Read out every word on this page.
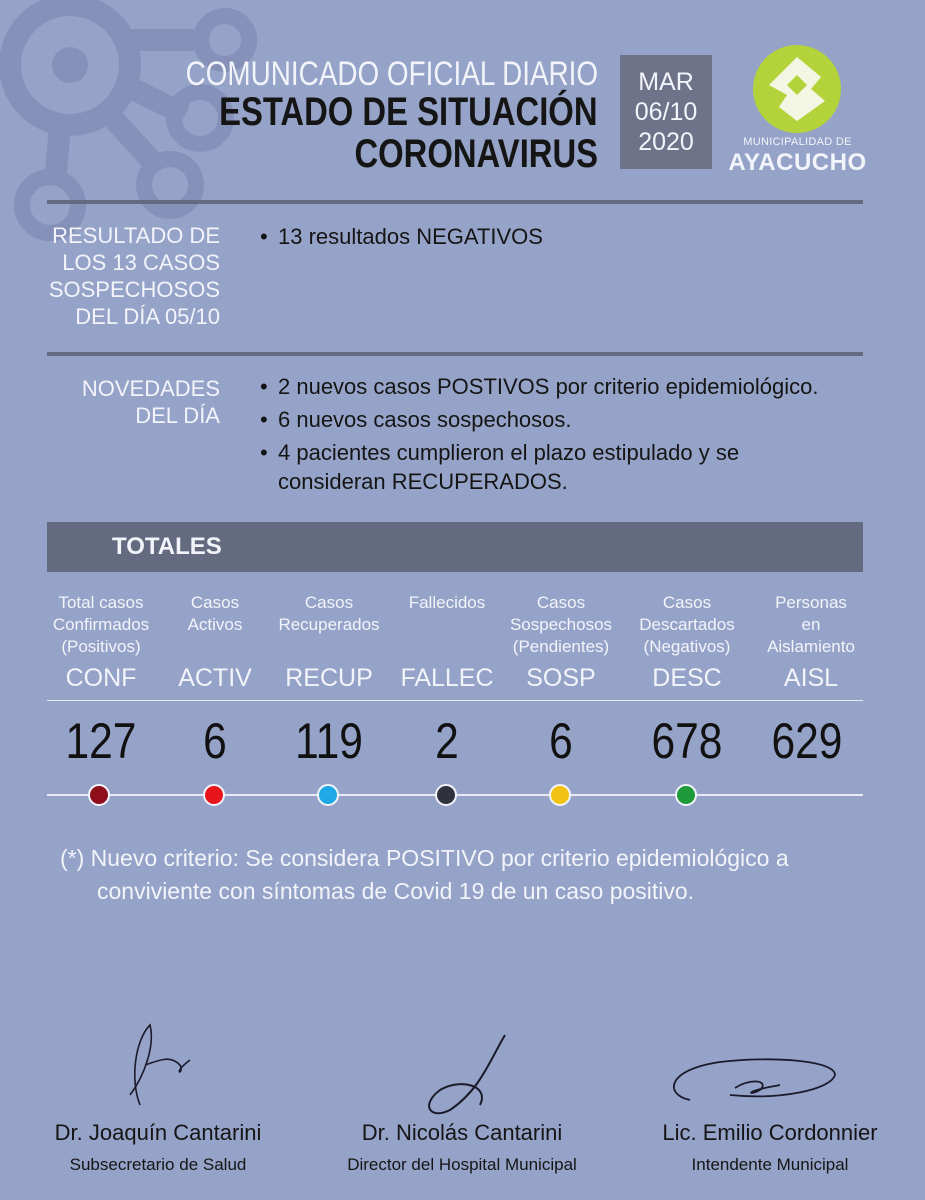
COMUNICADO OFICIAL DIARIO
ESTADO DE SITUACIÓN
CORONAVIRUS
MAR
06/10
2020	MUNICIPALIDAD DE
AYACUCHO
RESULTADO DE
LOS 13 CASOS
SOSPECHOSOS
DEL DÍA 05/10
• 13 resultados NEGATIVOS
NOVEDADES
DEL DÍA
• 2 nuevos casos POSTIVOS por criterio epidemiológico.
• 6 nuevos casos sospechosos.
• 4 pacientes cumplieron el plazo estipulado y se consideran RECUPERADOS.
TOTALES
Total casos
Confirmados
(Positivos)
CONF
127
Casos
Activos
ACTIV
6
Casos
Recuperados
RECUP
119
Fallecidos
FALLEC
2
Casos
Sospechosos
(Pendientes)
SOSP
6
Casos
Descartados
(Negativos)
DESC
678
Personas
en
Aislamiento
AISL
629
(*) Nuevo criterio: Se considera POSITIVO por criterio epidemiológico a
conviviente con síntomas de Covid 19 de un caso positivo.
Dr. Joaquín Cantarini
Subsecretario de Salud
Dr. Nicolás Cantarini
Director del Hospital Municipal
Lic. Emilio Cordonnier
Intendente Municipal
